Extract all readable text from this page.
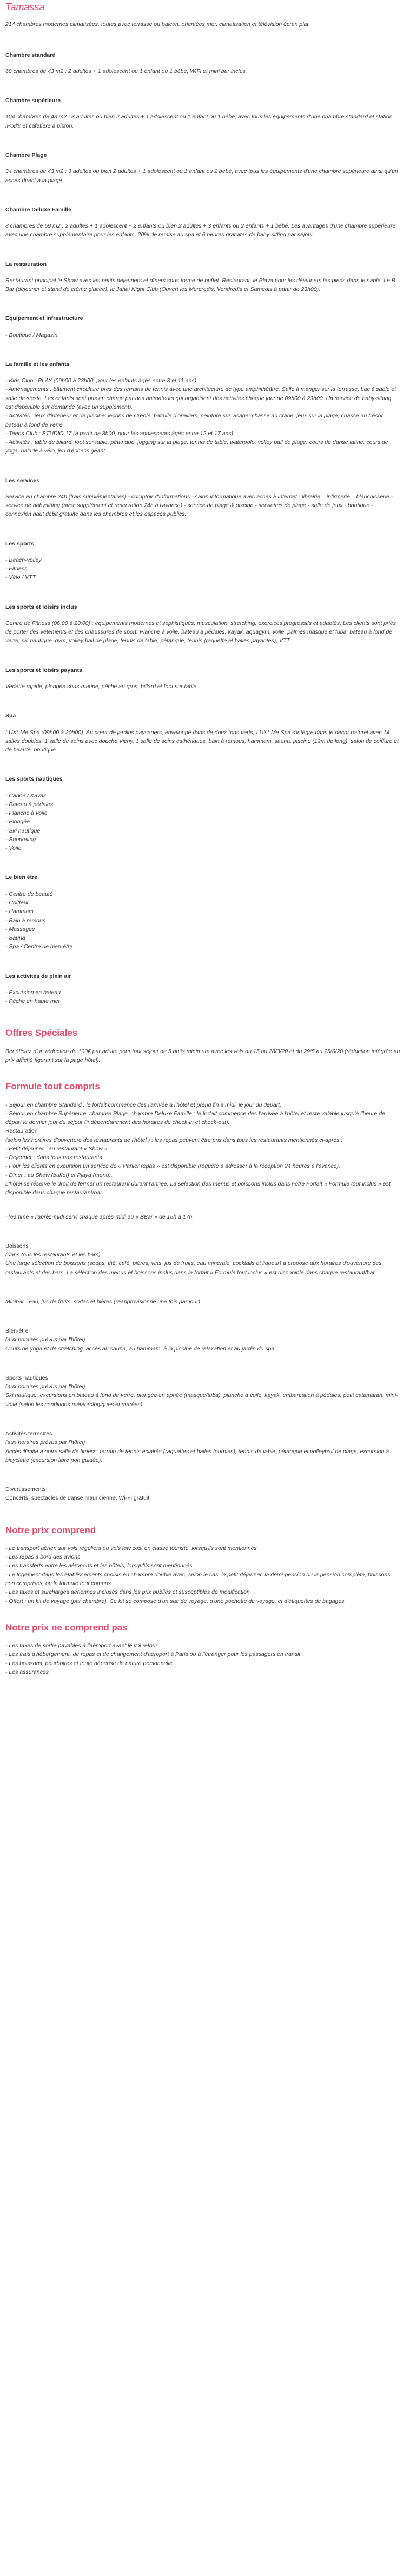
Tamassa

214 chambres modernes climatisées, toutes avec terrasse ou balcon, orientées mer, climatisation et télévision écran plat.

Chambre standard

68 chambres de 43 m2 : 2 adultes + 1 adolescent ou 1 enfant ou 1 bébé, WiFi et mini bar inclus.

Chambre supérieure

104 chambres de 43 m2 : 3 adultes ou bien 2 adultes + 1 adolescent ou 1 enfant ou 1 bébé, avec tous les équipements d'une chambre standard et station iPod® et cafetière à piston.

Chambre Plage

34 chambres de 43 m2 : 3 adultes ou bien 2 adultes + 1 adolescent ou 1 enfant ou 1 bébé, avec tous les équipements d'une chambre supérieure ainsi qu'un accès direct à la plage.

Chambre Deluxe Famille

8 chambres de 59 m2 : 2 adultes + 1 adolescent + 2 enfants ou bien 2 adultes + 3 enfants ou 2 enfants + 1 bébé. Les avantages d'une chambre supérieure avec une chambre supplémentaire pour les enfants. 20% de remise au spa et 6 heures gratuites de baby-sitting par séjour.

La restauration

Restaurant principal le Show avec les petits déjeuners et dîners sous forme de buffet. Restaurant, le Playa pour les déjeuners les pieds dans le sable. Le B Bar (déjeuner et stand de crème glacée), le Jahai Night Club (Ouvert les Mercredis, Vendredis et Samedis à partir de 23h00).

Equipement et infrastructure
- Boutique / Magasin
La famille et les enfants
- Kids Club : PLAY (09h00 à 23h00, pour les enfants âgés entre 3 et 11 ans)
- Aménagements : bâtiment circulaire près des terrains de tennis avec une architecture de type amphithéâtre. Salle à manger sur la terrasse, bac à sable et salle de sieste. Les enfants sont pris en charge par des animateurs qui organisent des activités chaque jour de 09h00 à 23h00. Un service de baby-sitting est disponible sur demande (avec un supplément).
- Activités : jeux d'intérieur et de piscine, leçons de Créole, bataille d'oreillers, peinture sur visage, chasse au crabe, jeux sur la plage, chasse au trésor, bateau à fond de verre.
- Teens Club : STUDIO 17 (à partir de 8h00, pour les adolescents âgés entre 12 et 17 ans)
- Activités : table de billard, foot sur table, pétanque, jogging sur la plage, tennis de table, waterpolo, volley ball de plage, cours de danse latine, cours de yoga, balade à vélo, jeu d'échecs géant.
Les services

Service en chambre 24h (frais supplémentaires) - comptoir d'informations - salon informatique avec accès à Internet - librairie – infirmerie – blanchisserie - service de babysitting (avec supplément et réservation 24h à l'avance) - service de plage & piscine - serviettes de plage - salle de jeux - boutique - connexion haut débit gratuite dans les chambres et les espaces publics.

Les sports
- Beach-volley
- Fitness
- Vélo / VTT
Les sports et loisirs inclus

Centre de Fitness (06:00 à 20:00) : équipements modernes et sophistiqués, musculation, stretching, exercices progressifs et adaptés. Les clients sont priés de porter des vêtements et des chaussures de sport. Planche à voile, bateau à pédales, kayak, aquagym, voile, palmes masque et tuba, bateau à fond de verre, ski nautique, gym, volley ball de plage, tennis de table, pétanque, tennis (raquette et balles payantes), VTT.

Les sports et loisirs payants

Vedette rapide, plongée sous-marine, pêche au gros, billard et foot sur table.

Spa

LUX* Me Spa (09h00 à 20h00): Au cœur de jardins paysagers, enveloppé dans de doux tons verts, LUX* Me Spa s'intègre dans le décor naturel avec 14 salles doubles, 1 salle de soins avec douche Vichy, 1 salle de soins esthétiques, bain à remous, hammam, sauna, piscine (12m de long), salon de coiffure et de beauté, boutique.

Les sports nautiques
- Canoë / Kayak
- Bateau à pédales
- Planche à voile
- Plongée
- Ski nautique
- Snorkeling
- Voile
Le bien être
- Centre de beauté
- Coiffeur
- Hammam
- Bain à remous
- Massages
- Sauna
- Spa / Centre de bien-être
Les activités de plein air
- Excursion en bateau
- Pêche en haute mer
Offres Spéciales

Bénéficiez d'un réduction de 100€ par adulte pour tout séjour de 5 nuits minimum avec les vols du 15 au 28/3/20 et du 29/5 au 25/6/20 (réduction intégrée au prix affiché figurant sur la page hôtel).

Formule tout compris
- Séjour en chambre Standard : le forfait commence dès l'arrivée à l'hôtel et prend fin à midi, le jour du départ.
- Séjour en chambre Supérieure, chambre Plage, chambre Deluxe Famille : le forfait commence dès l'arrivée à l'hôtel et reste valable jusqu'à l'heure de départ le dernier jour du séjour (indépendamment des horaires de check-in et check-out).
Restauration
(selon les horaires d'ouverture des restaurants de l'hôtel.) : les repas peuvent être pris dans tous les restaurants mentionnés ci-après :
- Petit déjeuner : au restaurant « Show ».
- Déjeuner : dans tous nos restaurants.
- Pour les clients en excursion un service de « Panier repas » est disponible (requête à adresser à la réception 24 heures à l'avance).
- Dîner : au Show (buffet) et Playa (menu).
L'hôtel se réserve le droit de fermer un restaurant durant l'année. La sélection des menus et boissons inclus dans notre Forfait « Formule tout inclus » est disponible dans chaque restaurant/bar.

-Tea time « l'après-midi servi chaque après-midi au « BBar » de 15h à 17h.

Boissons
(dans tous les restaurants et les bars)
Une large sélection de boissons (sodas, thé, café, bières, vins, jus de fruits, eau minérale, cocktails et liqueur) à proposé aux horaires d'ouverture des restaurants et des bars. La sélection des menus et boissons inclus dans le forfait « Formule tout inclus » est disponible dans chaque restaurant/bar.

Minibar : eau, jus de fruits, sodas et bières (réapprovisionné une fois par jour).

Bien-être
(aux horaires prévus par l'hôtel)
Cours de yoga et de stretching, accès au sauna, au hammam, à la piscine de relaxation et au jardin du spa.
Sports nautiques
(aux horaires prévus par l'hôtel)
Ski nautique, excursions en bateau à fond de verre, plongée en apnée (masque/tuba), planche à voile, kayak, embarcation à pédales, petit catamaran, mini-voile (selon les conditions météorologiques et marées).
Activités terrestres
(aux horaires prévus par l'hôtel)
Accès illimité à notre salle de fitness, terrain de tennis éclairés (raquettes et balles fournies), tennis de table, pétanque et volleyball de plage, excursion à bicyclette (excursion libre non guidée).
Divertissements
Concerts, spectacles de danse mauricienne, Wi-Fi gratuit.
Notre prix comprend
- Le transport aérien sur vols réguliers ou vols low cost en classe touriste, lorsqu'ils sont mentionnés
- Les repas à bord des avions
- Les transferts entre les aéroports et les hôtels, lorsqu'ils sont mentionnés
- Le logement dans les établissements choisis en chambre double avec, selon le cas, le petit déjeuner, la demi-pension ou la pension complète, boissons non comprises, ou la formule tout compris
- Les taxes et surcharges aériennes incluses dans les prix publiés et susceptibles de modification
- Offert : un kit de voyage (par chambre). Ce kit se compose d'un sac de voyage, d'une pochette de voyage, et d'étiquettes de bagages.
Notre prix ne comprend pas
- Les taxes de sortie payables à l'aéroport avant le vol retour
- Les frais d'hébergement, de repas et de changement d'aéroport à Paris ou à l'étranger pour les passagers en transit
- Les boissons, pourboires et toute dépense de nature personnelle
- Les assurances
